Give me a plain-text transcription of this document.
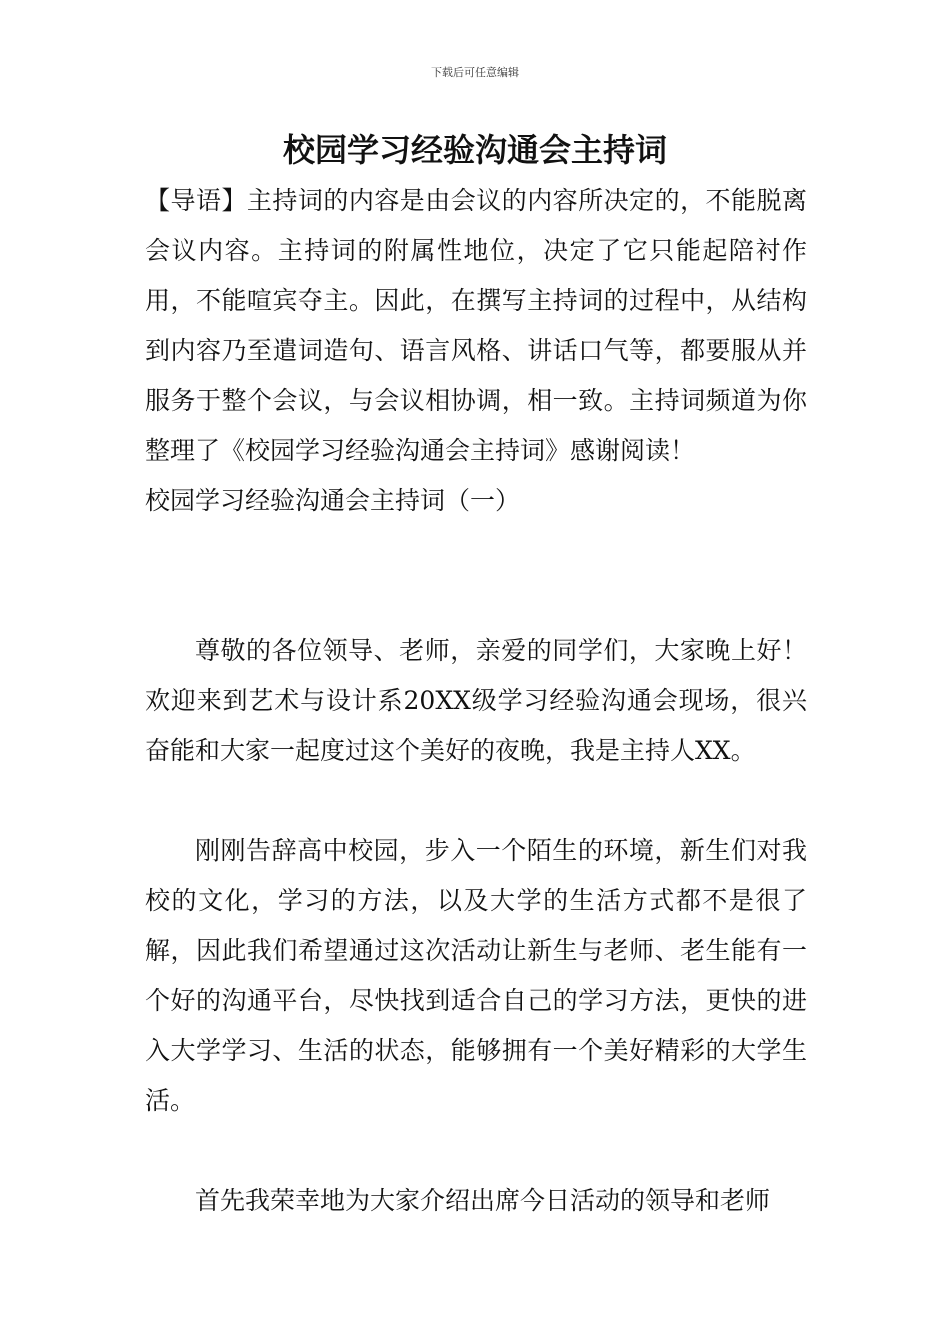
下载后可任意编辑
校园学习经验沟通会主持词

【导语】主持词的内容是由会议的内容所决定的，不能脱离会议内容。主持词的附属性地位，决定了它只能起陪衬作用，不能喧宾夺主。因此，在撰写主持词的过程中，从结构到内容乃至遣词造句、语言风格、讲话口气等，都要服从并服务于整个会议，与会议相协调，相一致。主持词频道为你整理了《校园学习经验沟通会主持词》感谢阅读！

校园学习经验沟通会主持词（一）

尊敬的各位领导、老师，亲爱的同学们，大家晚上好！欢迎来到艺术与设计系20XX级学习经验沟通会现场，很兴奋能和大家一起度过这个美好的夜晚，我是主持人XX。

刚刚告辞高中校园，步入一个陌生的环境，新生们对我校的文化，学习的方法，以及大学的生活方式都不是很了解，因此我们希望通过这次活动让新生与老师、老生能有一个好的沟通平台，尽快找到适合自己的学习方法，更快的进入大学学习、生活的状态，能够拥有一个美好精彩的大学生活。

首先我荣幸地为大家介绍出席今日活动的领导和老师
